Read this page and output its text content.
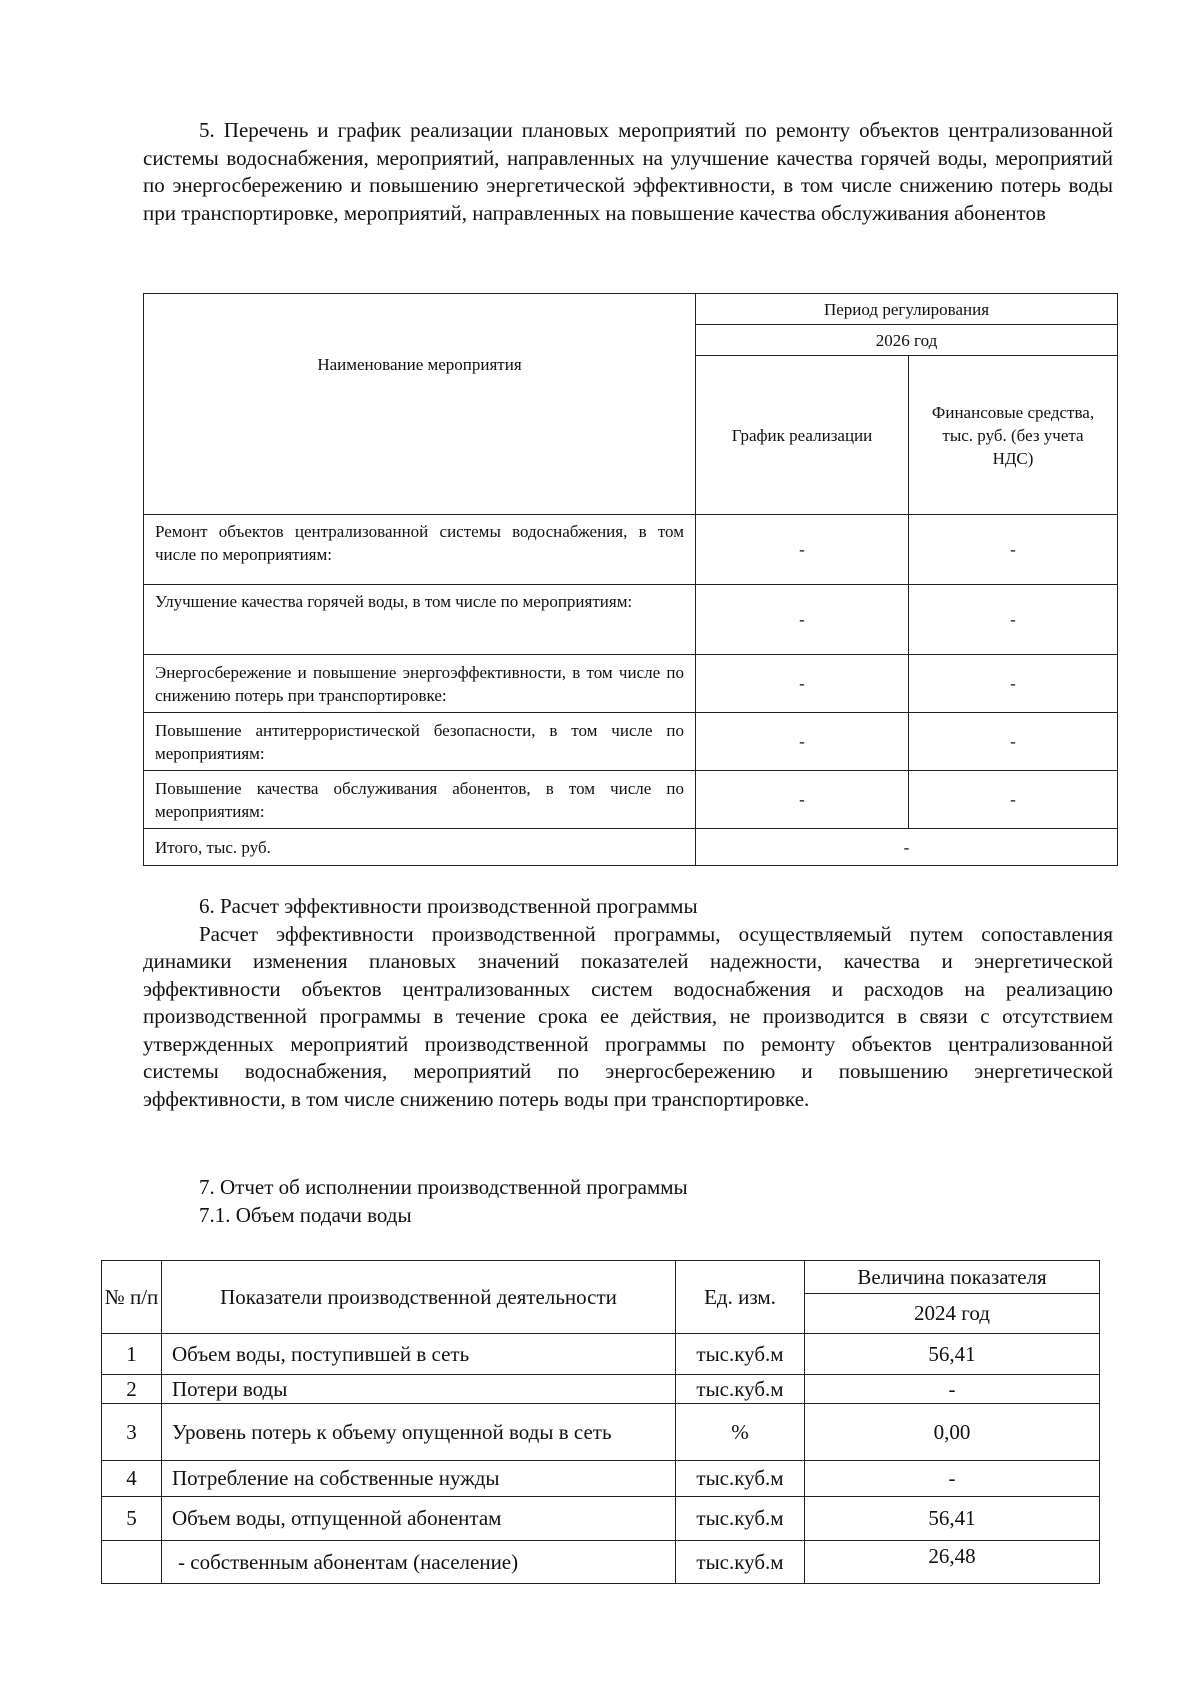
5. Перечень и график реализации плановых мероприятий по ремонту объектов централизованной системы водоснабжения, мероприятий, направленных на улучшение качества горячей воды, мероприятий по энергосбережению и повышению энергетической эффективности, в том числе снижению потерь воды при транспортировке, мероприятий, направленных на повышение качества обслуживания абонентов

Наименование мероприятия	Период регулирования	
	2026 год	
	График реализации	Финансовые средства, тыс. руб. (без учета НДС)
Ремонт объектов централизованной системы водоснабжения, в том числе по мероприятиям:	-	-
Улучшение качества горячей воды, в том числе по мероприятиям:	-	-
Энергосбережение и повышение энергоэффективности, в том числе по снижению потерь при транспортировке:	-	-
Повышение антитеррористической безопасности, в том числе по мероприятиям:	-	-
Повышение качества обслуживания абонентов, в том числе по мероприятиям:	-	-
Итого, тыс. руб.	-	

6. Расчет эффективности производственной программы

Расчет эффективности производственной программы, осуществляемый путем сопоставления динамики изменения плановых значений показателей надежности, качества и энергетической эффективности объектов централизованных систем водоснабжения и расходов на реализацию производственной программы в течение срока ее действия, не производится в связи с отсутствием утвержденных мероприятий производственной программы по ремонту объектов централизованной системы водоснабжения, мероприятий по энергосбережению и повышению энергетической эффективности, в том числе снижению потерь воды при транспортировке.

7. Отчет об исполнении производственной программы

7.1. Объем подачи воды

№ п/п	Показатели производственной деятельности	Ед. изм.	Величина показателя
			2024 год
1	Объем воды, поступившей в сеть	тыс.куб.м	56,41
2	Потери воды	тыс.куб.м	-
3	Уровень потерь к объему опущенной воды в сеть	%	0,00
4	Потребление на собственные нужды	тыс.куб.м	-
5	Объем воды, отпущенной абонентам	тыс.куб.м	56,41
	- собственным абонентам (население)	тыс.куб.м	26,48
